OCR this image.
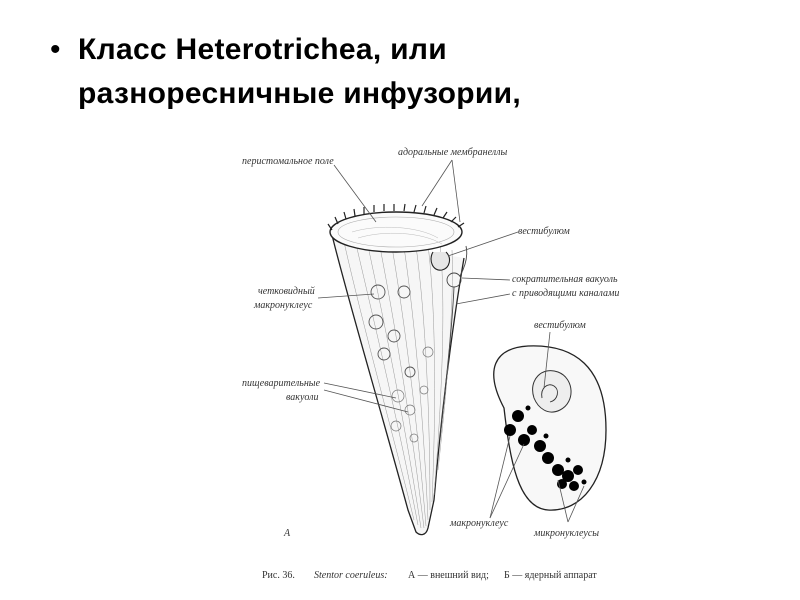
• Класс Heterotrichea, или
разноресничные инфузории,
перистомальное поле
адоральные мембранеллы
вестибулюм
сократительная вакуоль
с приводящими каналами
четковидный
макронуклеус
вестибулюм
пищеварительные
вакуоли
макронуклеус
микронуклеусы
А
Рис. 36. Stentor coeruleus: А — внешний вид; Б — ядерный аппарат
